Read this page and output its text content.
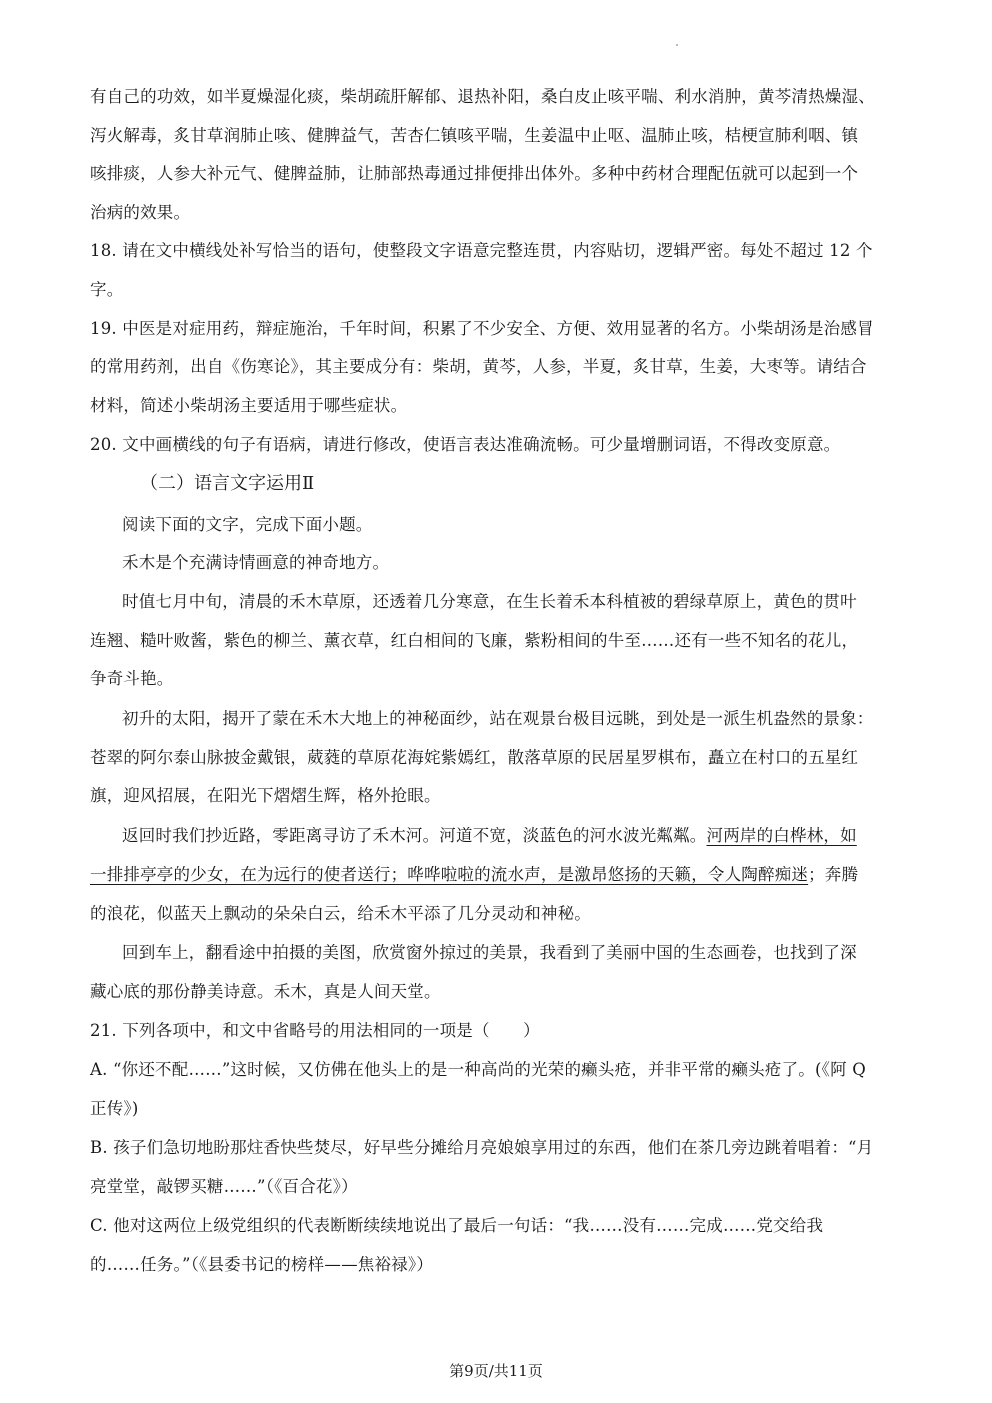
有自己的功效，如半夏燥湿化痰，柴胡疏肝解郁、退热补阳，桑白皮止咳平喘、利水消肿，黄芩清热燥湿、
泻火解毒，炙甘草润肺止咳、健脾益气，苦杏仁镇咳平喘，生姜温中止呕、温肺止咳，桔梗宣肺利咽、镇
咳排痰，人参大补元气、健脾益肺，让肺部热毒通过排便排出体外。多种中药材合理配伍就可以起到一个
治病的效果。
18. 请在文中横线处补写恰当的语句，使整段文字语意完整连贯，内容贴切，逻辑严密。每处不超过 12 个
字。
19. 中医是对症用药，辩症施治，千年时间，积累了不少安全、方便、效用显著的名方。小柴胡汤是治感冒
的常用药剂，出自《伤寒论》，其主要成分有：柴胡，黄芩，人参，半夏，炙甘草，生姜，大枣等。请结合
材料，简述小柴胡汤主要适用于哪些症状。
20. 文中画横线的句子有语病，请进行修改，使语言表达准确流畅。可少量增删词语，不得改变原意。
（二）语言文字运用Ⅱ
阅读下面的文字，完成下面小题。
禾木是个充满诗情画意的神奇地方。
时值七月中旬，清晨的禾木草原，还透着几分寒意，在生长着禾本科植被的碧绿草原上，黄色的贯叶
连翘、糙叶败酱，紫色的柳兰、薰衣草，红白相间的飞廉，紫粉相间的牛至……还有一些不知名的花儿，
争奇斗艳。
初升的太阳，揭开了蒙在禾木大地上的神秘面纱，站在观景台极目远眺，到处是一派生机盎然的景象：
苍翠的阿尔泰山脉披金戴银，葳蕤的草原花海姹紫嫣红，散落草原的民居星罗棋布，矗立在村口的五星红
旗，迎风招展，在阳光下熠熠生辉，格外抢眼。
返回时我们抄近路，零距离寻访了禾木河。河道不宽，淡蓝色的河水波光粼粼。河两岸的白桦林，如
一排排亭亭的少女，在为远行的使者送行；哗哗啦啦的流水声，是激昂悠扬的天籁，令人陶醉痴迷；奔腾
的浪花，似蓝天上飘动的朵朵白云，给禾木平添了几分灵动和神秘。
回到车上，翻看途中拍摄的美图，欣赏窗外掠过的美景，我看到了美丽中国的生态画卷，也找到了深
藏心底的那份静美诗意。禾木，真是人间天堂。
21. 下列各项中，和文中省略号的用法相同的一项是（　　）
A. “你还不配……”这时候，又仿佛在他头上的是一种高尚的光荣的癞头疮，并非平常的癞头疮了。(《阿 Q
正传》)
B. 孩子们急切地盼那炷香快些焚尽，好早些分摊给月亮娘娘享用过的东西，他们在茶几旁边跳着唱着：“月
亮堂堂，敲锣买糖……”（《百合花》）
C. 他对这两位上级党组织的代表断断续续地说出了最后一句话：“我……没有……完成……党交给我
的……任务。”（《县委书记的榜样——焦裕禄》）
第9页/共11页
